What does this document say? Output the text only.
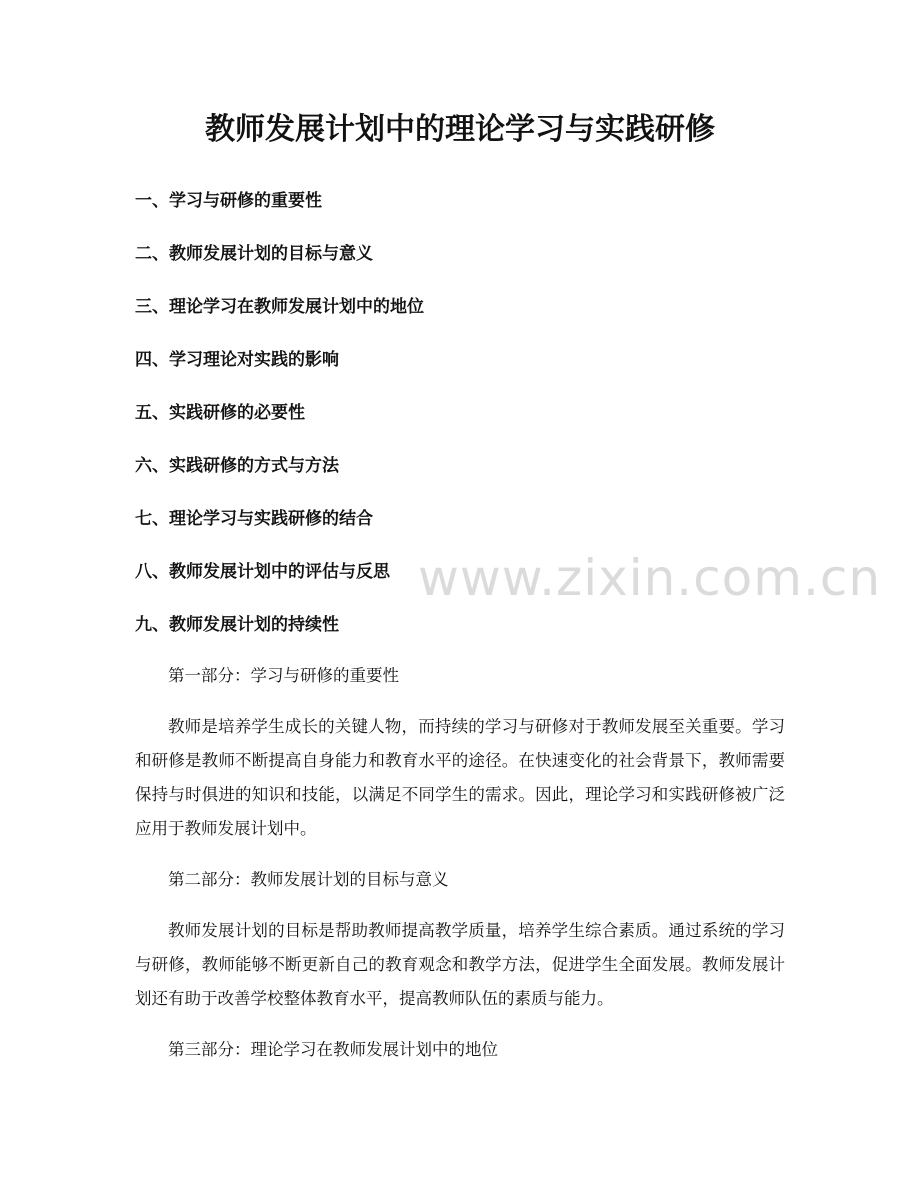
教师发展计划中的理论学习与实践研修
一、学习与研修的重要性
二、教师发展计划的目标与意义
三、理论学习在教师发展计划中的地位
四、学习理论对实践的影响
五、实践研修的必要性
六、实践研修的方式与方法
七、理论学习与实践研修的结合
八、教师发展计划中的评估与反思
九、教师发展计划的持续性

第一部分：学习与研修的重要性

教师是培养学生成长的关键人物，而持续的学习与研修对于教师发展至关重要。学习和研修是教师不断提高自身能力和教育水平的途径。在快速变化的社会背景下，教师需要保持与时俱进的知识和技能，以满足不同学生的需求。因此，理论学习和实践研修被广泛应用于教师发展计划中。

第二部分：教师发展计划的目标与意义

教师发展计划的目标是帮助教师提高教学质量，培养学生综合素质。通过系统的学习与研修，教师能够不断更新自己的教育观念和教学方法，促进学生全面发展。教师发展计划还有助于改善学校整体教育水平，提高教师队伍的素质与能力。

第三部分：理论学习在教师发展计划中的地位

www.zixin.com.cn
